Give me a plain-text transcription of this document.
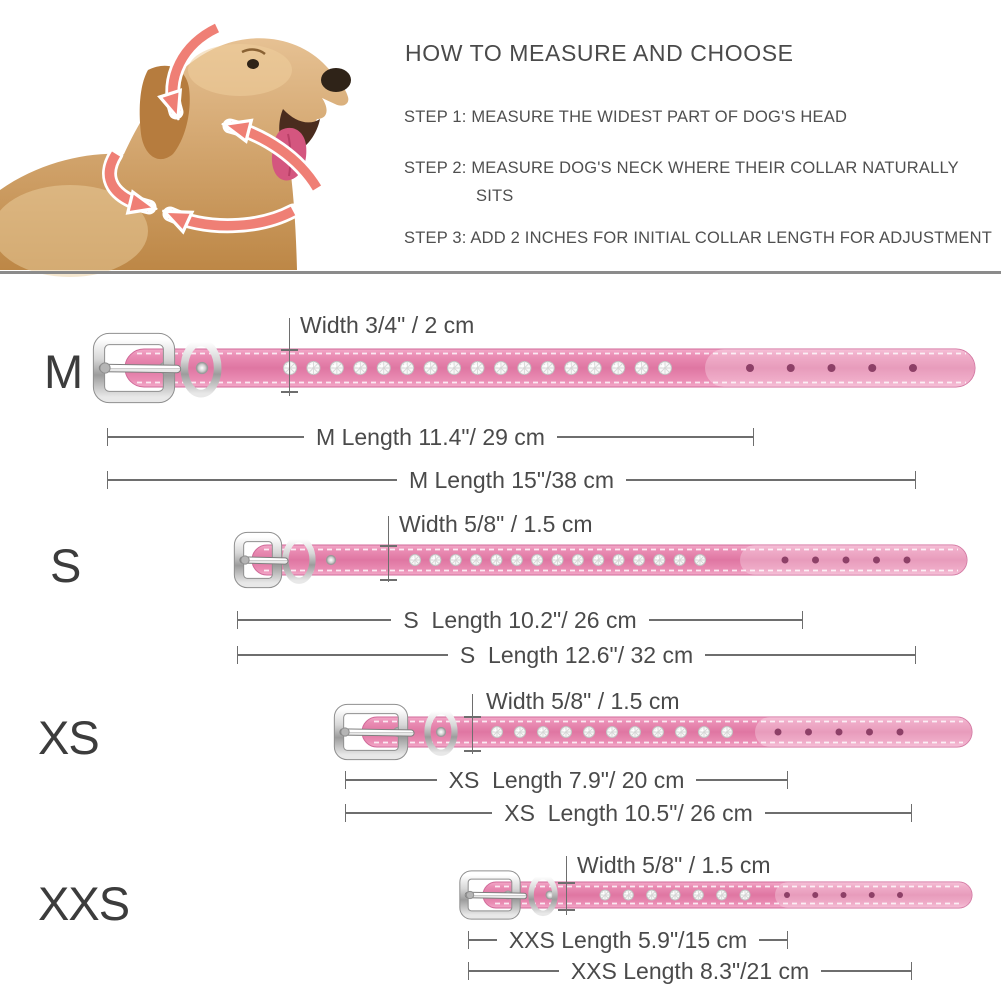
HOW TO MEASURE AND CHOOSE
STEP 1: MEASURE THE WIDEST PART OF DOG'S HEAD
STEP 2: MEASURE DOG'S NECK WHERE THEIR COLLAR NATURALLY
SITS
STEP 3: ADD 2 INCHES FOR INITIAL COLLAR LENGTH FOR ADJUSTMENT
M
Width 3/4" / 2 cm
M Length 11.4"/ 29 cm
M Length 15"/38 cm
S
Width 5/8" / 1.5 cm
S  Length 10.2"/ 26 cm
S  Length 12.6"/ 32 cm
XS
Width 5/8" / 1.5 cm
XS  Length 7.9"/ 20 cm
XS  Length 10.5"/ 26 cm
XXS
Width 5/8" / 1.5 cm
XXS Length 5.9"/15 cm
XXS Length 8.3"/21 cm
